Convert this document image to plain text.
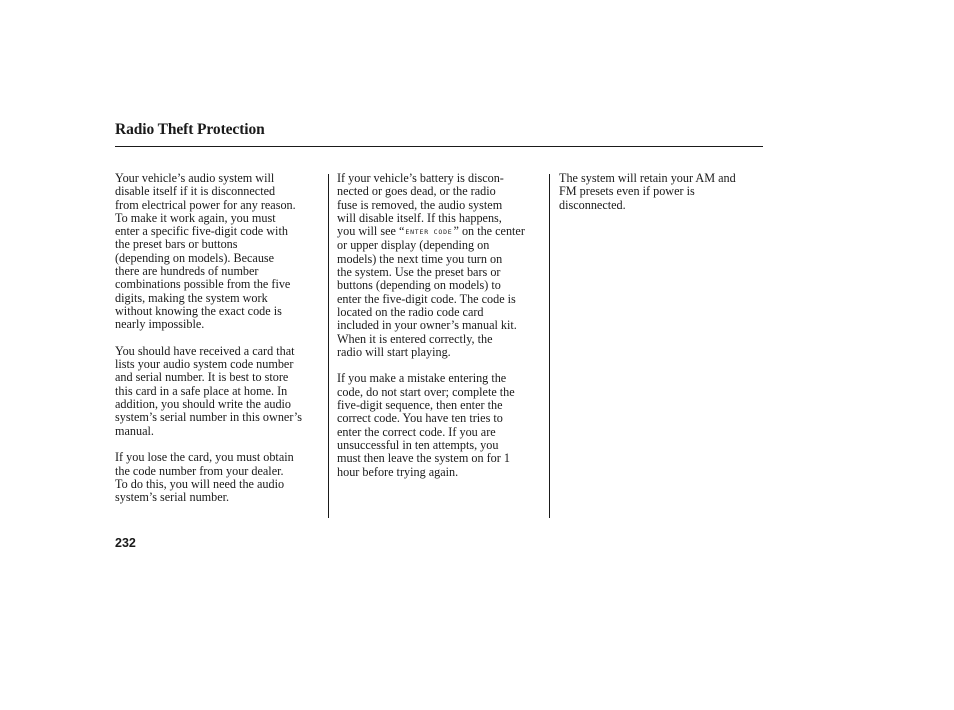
Radio Theft Protection
Your vehicle’s audio system will
disable itself if it is disconnected
from electrical power for any reason.
To make it work again, you must
enter a specific five-digit code with
the preset bars or buttons
(depending on models). Because
there are hundreds of number
combinations possible from the five
digits, making the system work
without knowing the exact code is
nearly impossible.
You should have received a card that
lists your audio system code number
and serial number. It is best to store
this card in a safe place at home. In
addition, you should write the audio
system’s serial number in this owner’s
manual.
If you lose the card, you must obtain
the code number from your dealer.
To do this, you will need the audio
system’s serial number.
If your vehicle’s battery is discon-
nected or goes dead, or the radio
fuse is removed, the audio system
will disable itself. If this happens,
you will see “ENTER CODE” on the center
or upper display (depending on
models) the next time you turn on
the system. Use the preset bars or
buttons (depending on models) to
enter the five-digit code. The code is
located on the radio code card
included in your owner’s manual kit.
When it is entered correctly, the
radio will start playing.
If you make a mistake entering the
code, do not start over; complete the
five-digit sequence, then enter the
correct code. You have ten tries to
enter the correct code. If you are
unsuccessful in ten attempts, you
must then leave the system on for 1
hour before trying again.
The system will retain your AM and
FM presets even if power is
disconnected.
232
